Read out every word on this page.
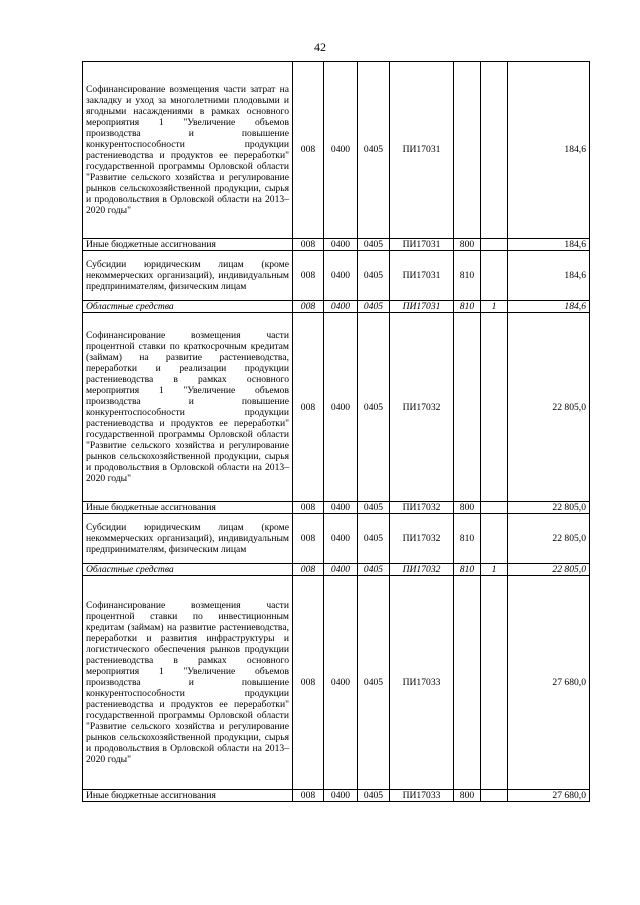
42
Софинансирование возмещения части затрат на закладку и уход за многолетними плодовыми и ягодными насаждениями в рамках основного мероприятия 1 "Увеличение объемов производства и повышение конкурентоспособности продукции растениеводства и продуктов ее переработки" государственной программы Орловской области "Развитие сельского хозяйства и регулирование рынков сельскохозяйственной продукции, сырья и продовольствия в Орловской области на 2013–2020 годы"	008	0400	0405	ПИ17031			184,6
Иные бюджетные ассигнования	008	0400	0405	ПИ17031	800		184,6
Субсидии юридическим лицам (кроме некоммерческих организаций), индивидуальным предпринимателям, физическим лицам	008	0400	0405	ПИ17031	810		184,6
Областные средства	008	0400	0405	ПИ17031	810	1	184,6
Софинансирование возмещения части процентной ставки по краткосрочным кредитам (займам) на развитие растениеводства, переработки и реализации продукции растениеводства в рамках основного мероприятия 1 "Увеличение объемов производства и повышение конкурентоспособности продукции растениеводства и продуктов ее переработки" государственной программы Орловской области "Развитие сельского хозяйства и регулирование рынков сельскохозяйственной продукции, сырья и продовольствия в Орловской области на 2013–2020 годы"	008	0400	0405	ПИ17032			22 805,0
Иные бюджетные ассигнования	008	0400	0405	ПИ17032	800		22 805,0
Субсидии юридическим лицам (кроме некоммерческих организаций), индивидуальным предпринимателям, физическим лицам	008	0400	0405	ПИ17032	810		22 805,0
Областные средства	008	0400	0405	ПИ17032	810	1	22 805,0
Софинансирование возмещения части процентной ставки по инвестиционным кредитам (займам) на развитие растениеводства, переработки и развития инфраструктуры и логистического обеспечения рынков продукции растениеводства в рамках основного мероприятия 1 "Увеличение объемов производства и повышение конкурентоспособности продукции растениеводства и продуктов ее переработки" государственной программы Орловской области "Развитие сельского хозяйства и регулирование рынков сельскохозяйственной продукции, сырья и продовольствия в Орловской области на 2013–2020 годы"	008	0400	0405	ПИ17033			27 680,0
Иные бюджетные ассигнования	008	0400	0405	ПИ17033	800		27 680,0
